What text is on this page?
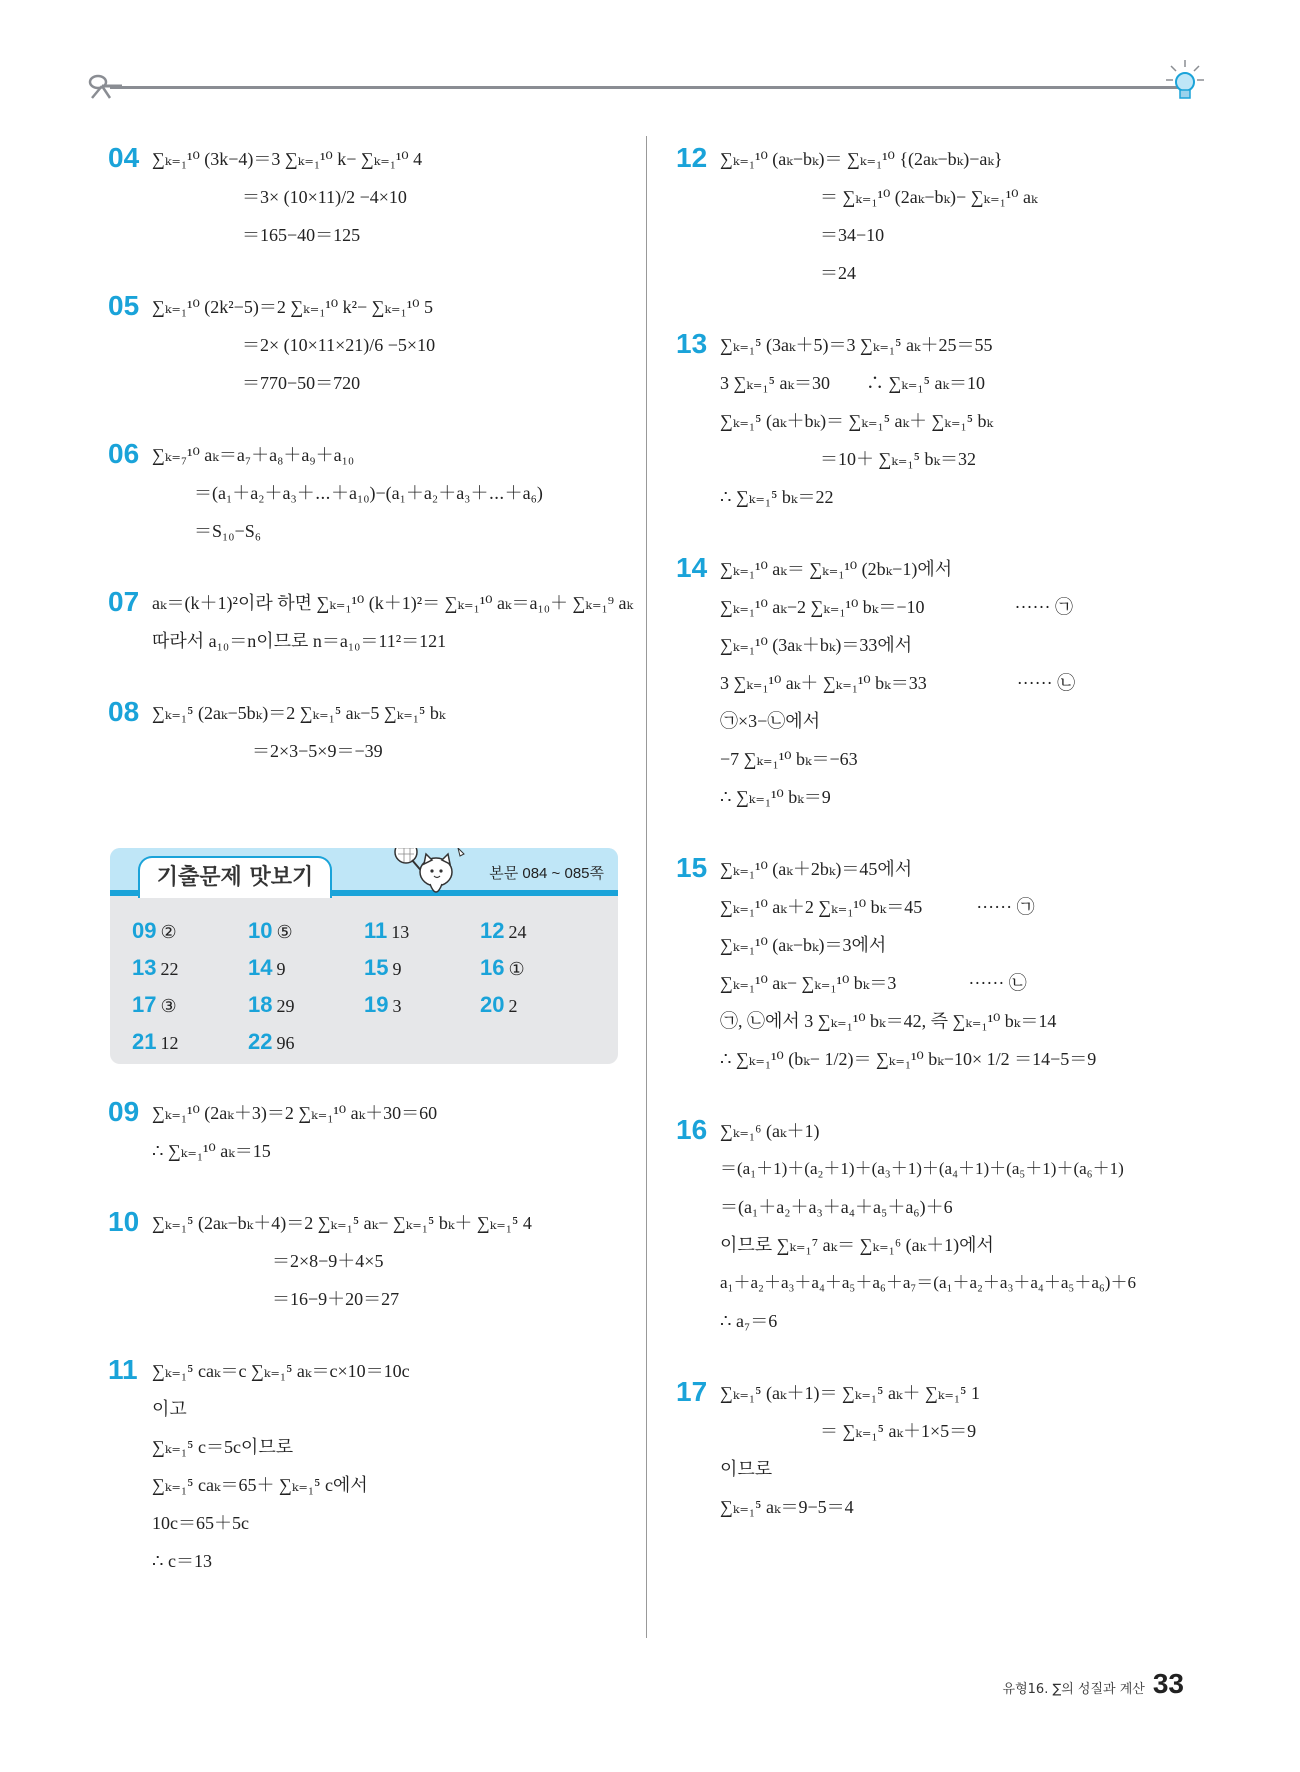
04 ∑ₖ₌₁¹⁰ (3k−4)＝3 ∑ₖ₌₁¹⁰ k− ∑ₖ₌₁¹⁰ 4
＝3× (10×11)/2 −4×10
＝165−40＝125
05 ∑ₖ₌₁¹⁰ (2k²−5)＝2 ∑ₖ₌₁¹⁰ k²− ∑ₖ₌₁¹⁰ 5
＝2× (10×11×21)/6 −5×10
＝770−50＝720
06 ∑ₖ₌₇¹⁰ aₖ＝a₇＋a₈＋a₉＋a₁₀
＝(a₁＋a₂＋a₃＋⋯＋a₁₀)−(a₁＋a₂＋a₃＋⋯＋a₆)
＝S₁₀−S₆
07 aₖ＝(k＋1)²이라 하면 ∑ₖ₌₁¹⁰ (k＋1)²＝ ∑ₖ₌₁¹⁰ aₖ＝a₁₀＋ ∑ₖ₌₁⁹ aₖ
따라서 a₁₀＝n이므로 n＝a₁₀＝11²＝121
08 ∑ₖ₌₁⁵ (2aₖ−5bₖ)＝2 ∑ₖ₌₁⁵ aₖ−5 ∑ₖ₌₁⁵ bₖ
＝2×3−5×9＝−39
기출문제 맛보기	본문 084 ~ 085쪽
09 ②	10 ⑤	11 13	12 24
13 22	14 9	15 9	16 ①
17 ③	18 29	19 3	20 2
21 12	22 96
09 ∑ₖ₌₁¹⁰ (2aₖ＋3)＝2 ∑ₖ₌₁¹⁰ aₖ＋30＝60
∴ ∑ₖ₌₁¹⁰ aₖ＝15
10 ∑ₖ₌₁⁵ (2aₖ−bₖ＋4)＝2 ∑ₖ₌₁⁵ aₖ− ∑ₖ₌₁⁵ bₖ＋ ∑ₖ₌₁⁵ 4
＝2×8−9＋4×5
＝16−9＋20＝27
11 ∑ₖ₌₁⁵ caₖ＝c ∑ₖ₌₁⁵ aₖ＝c×10＝10c
이고
∑ₖ₌₁⁵ c＝5c이므로
∑ₖ₌₁⁵ caₖ＝65＋ ∑ₖ₌₁⁵ c에서
10c＝65＋5c
∴ c＝13
12 ∑ₖ₌₁¹⁰ (aₖ−bₖ)＝ ∑ₖ₌₁¹⁰ {(2aₖ−bₖ)−aₖ}
＝ ∑ₖ₌₁¹⁰ (2aₖ−bₖ)− ∑ₖ₌₁¹⁰ aₖ
＝34−10
＝24
13 ∑ₖ₌₁⁵ (3aₖ＋5)＝3 ∑ₖ₌₁⁵ aₖ＋25＝55
3 ∑ₖ₌₁⁵ aₖ＝30　　∴ ∑ₖ₌₁⁵ aₖ＝10
∑ₖ₌₁⁵ (aₖ＋bₖ)＝ ∑ₖ₌₁⁵ aₖ＋ ∑ₖ₌₁⁵ bₖ
＝10＋ ∑ₖ₌₁⁵ bₖ＝32
∴ ∑ₖ₌₁⁵ bₖ＝22
14 ∑ₖ₌₁¹⁰ aₖ＝ ∑ₖ₌₁¹⁰ (2bₖ−1)에서
∑ₖ₌₁¹⁰ aₖ−2 ∑ₖ₌₁¹⁰ bₖ＝−10　　　　　······ ㉠
∑ₖ₌₁¹⁰ (3aₖ＋bₖ)＝33에서
3 ∑ₖ₌₁¹⁰ aₖ＋ ∑ₖ₌₁¹⁰ bₖ＝33　　　　　······ ㉡
㉠×3−㉡에서
−7 ∑ₖ₌₁¹⁰ bₖ＝−63
∴ ∑ₖ₌₁¹⁰ bₖ＝9
15 ∑ₖ₌₁¹⁰ (aₖ＋2bₖ)＝45에서
∑ₖ₌₁¹⁰ aₖ＋2 ∑ₖ₌₁¹⁰ bₖ＝45　　　······ ㉠
∑ₖ₌₁¹⁰ (aₖ−bₖ)＝3에서
∑ₖ₌₁¹⁰ aₖ− ∑ₖ₌₁¹⁰ bₖ＝3　　　　······ ㉡
㉠, ㉡에서 3 ∑ₖ₌₁¹⁰ bₖ＝42, 즉 ∑ₖ₌₁¹⁰ bₖ＝14
∴ ∑ₖ₌₁¹⁰ (bₖ− 1/2)＝ ∑ₖ₌₁¹⁰ bₖ−10× 1/2 ＝14−5＝9
16 ∑ₖ₌₁⁶ (aₖ＋1)
＝(a₁＋1)＋(a₂＋1)＋(a₃＋1)＋(a₄＋1)＋(a₅＋1)＋(a₆＋1)
＝(a₁＋a₂＋a₃＋a₄＋a₅＋a₆)＋6
이므로 ∑ₖ₌₁⁷ aₖ＝ ∑ₖ₌₁⁶ (aₖ＋1)에서
a₁＋a₂＋a₃＋a₄＋a₅＋a₆＋a₇＝(a₁＋a₂＋a₃＋a₄＋a₅＋a₆)＋6
∴ a₇＝6
17 ∑ₖ₌₁⁵ (aₖ＋1)＝ ∑ₖ₌₁⁵ aₖ＋ ∑ₖ₌₁⁵ 1
＝ ∑ₖ₌₁⁵ aₖ＋1×5＝9
이므로
∑ₖ₌₁⁵ aₖ＝9−5＝4
유형16. ∑의 성질과 계산 33
